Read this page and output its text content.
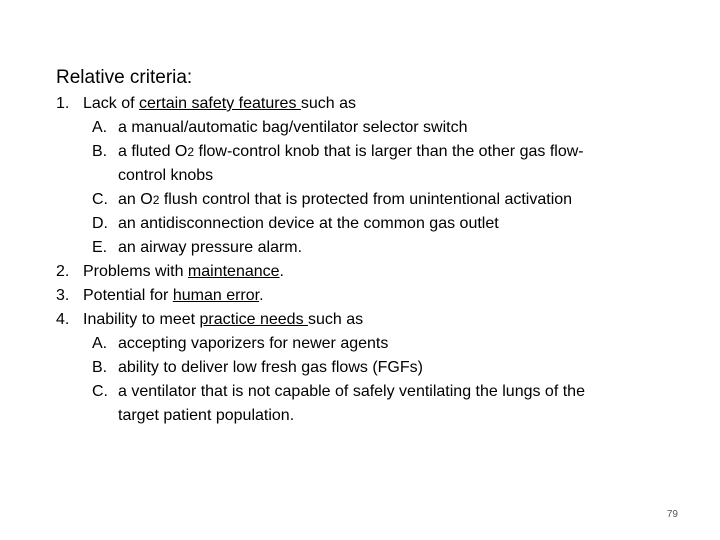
Relative criteria:
1. Lack of certain safety features such as
A. a manual/automatic bag/ventilator selector switch
B. a fluted O2 flow-control knob that is larger than the other gas flow-
control knobs
C. an O2 flush control that is protected from unintentional activation
D. an antidisconnection device at the common gas outlet
E. an airway pressure alarm.
2. Problems with maintenance.
3. Potential for human error.
4. Inability to meet practice needs such as
A. accepting vaporizers for newer agents
B. ability to deliver low fresh gas flows (FGFs)
C. a ventilator that is not capable of safely ventilating the lungs of the
target patient population.
79
